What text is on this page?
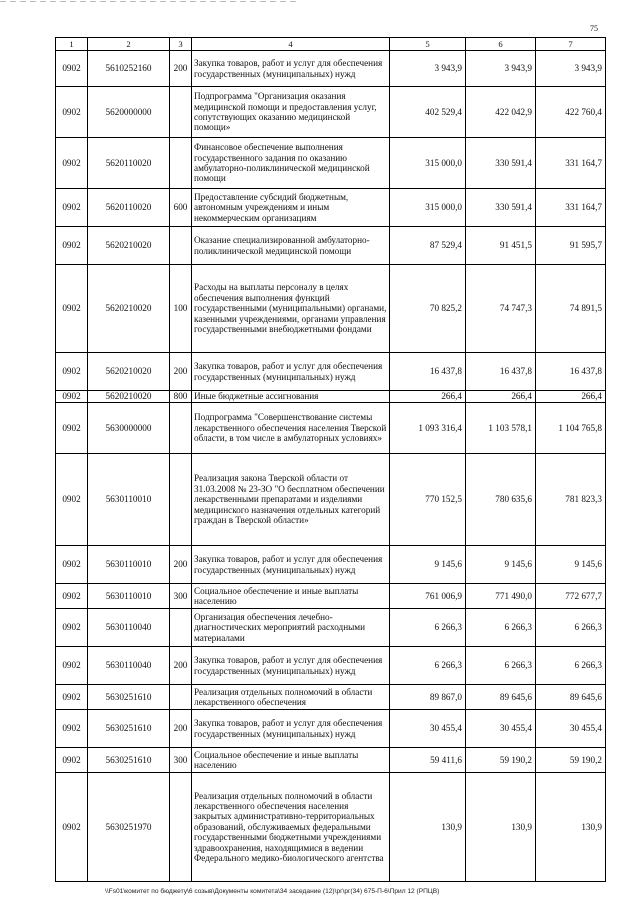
75
1	2	3	4	5	6	7
0902	5610252160	200	Закупка товаров, работ и услуг для обеспечения государственных (муниципальных) нужд	3 943,9	3 943,9	3 943,9
0902	5620000000		Подпрограмма "Организация оказания медицинской помощи и предоставления услуг, сопутствующих оказанию медицинской помощи»	402 529,4	422 042,9	422 760,4
0902	5620110020		Финансовое обеспечение выполнения государственного задания по оказанию амбулаторно-поликлинической медицинской помощи	315 000,0	330 591,4	331 164,7
0902	5620110020	600	Предоставление субсидий бюджетным, автономным учреждениям и иным некоммерческим организациям	315 000,0	330 591,4	331 164,7
0902	5620210020		Оказание специализированной амбулаторно-поликлинической медицинской помощи	87 529,4	91 451,5	91 595,7
0902	5620210020	100	Расходы на выплаты персоналу в целях обеспечения выполнения функций государственными (муниципальными) органами, казенными учреждениями, органами управления государственными внебюджетными фондами	70 825,2	74 747,3	74 891,5
0902	5620210020	200	Закупка товаров, работ и услуг для обеспечения государственных (муниципальных) нужд	16 437,8	16 437,8	16 437,8
0902	5620210020	800	Иные бюджетные ассигнования	266,4	266,4	266,4
0902	5630000000		Подпрограмма "Совершенствование системы лекарственного обеспечения населения Тверской области, в том числе в амбулаторных условиях»	1 093 316,4	1 103 578,1	1 104 765,8
0902	5630110010		Реализация закона Тверской области от 31.03.2008 № 23-ЗО "О бесплатном обеспечении лекарственными препаратами и изделиями медицинского назначения отдельных категорий граждан в Тверской области»	770 152,5	780 635,6	781 823,3
0902	5630110010	200	Закупка товаров, работ и услуг для обеспечения государственных (муниципальных) нужд	9 145,6	9 145,6	9 145,6
0902	5630110010	300	Социальное обеспечение и иные выплаты населению	761 006,9	771 490,0	772 677,7
0902	5630110040		Организация обеспечения лечебно-диагностических мероприятий расходными материалами	6 266,3	6 266,3	6 266,3
0902	5630110040	200	Закупка товаров, работ и услуг для обеспечения государственных (муниципальных) нужд	6 266,3	6 266,3	6 266,3
0902	5630251610		Реализация отдельных полномочий в области лекарственного обеспечения	89 867,0	89 645,6	89 645,6
0902	5630251610	200	Закупка товаров, работ и услуг для обеспечения государственных (муниципальных) нужд	30 455,4	30 455,4	30 455,4
0902	5630251610	300	Социальное обеспечение и иные выплаты населению	59 411,6	59 190,2	59 190,2
0902	5630251970		Реализация отдельных полномочий в области лекарственного обеспечения населения закрытых административно-территориальных образований, обслуживаемых федеральными государственными бюджетными учреждениями здравоохранения, находящимися в ведении Федерального медико-биологического агентства	130,9	130,9	130,9
\\Fs01\комитет по бюджету\6 созыв\Документы комитета\34 заседание (12)\рг\рг(34) 675-П-6\Прил 12 (РПЦВ)
